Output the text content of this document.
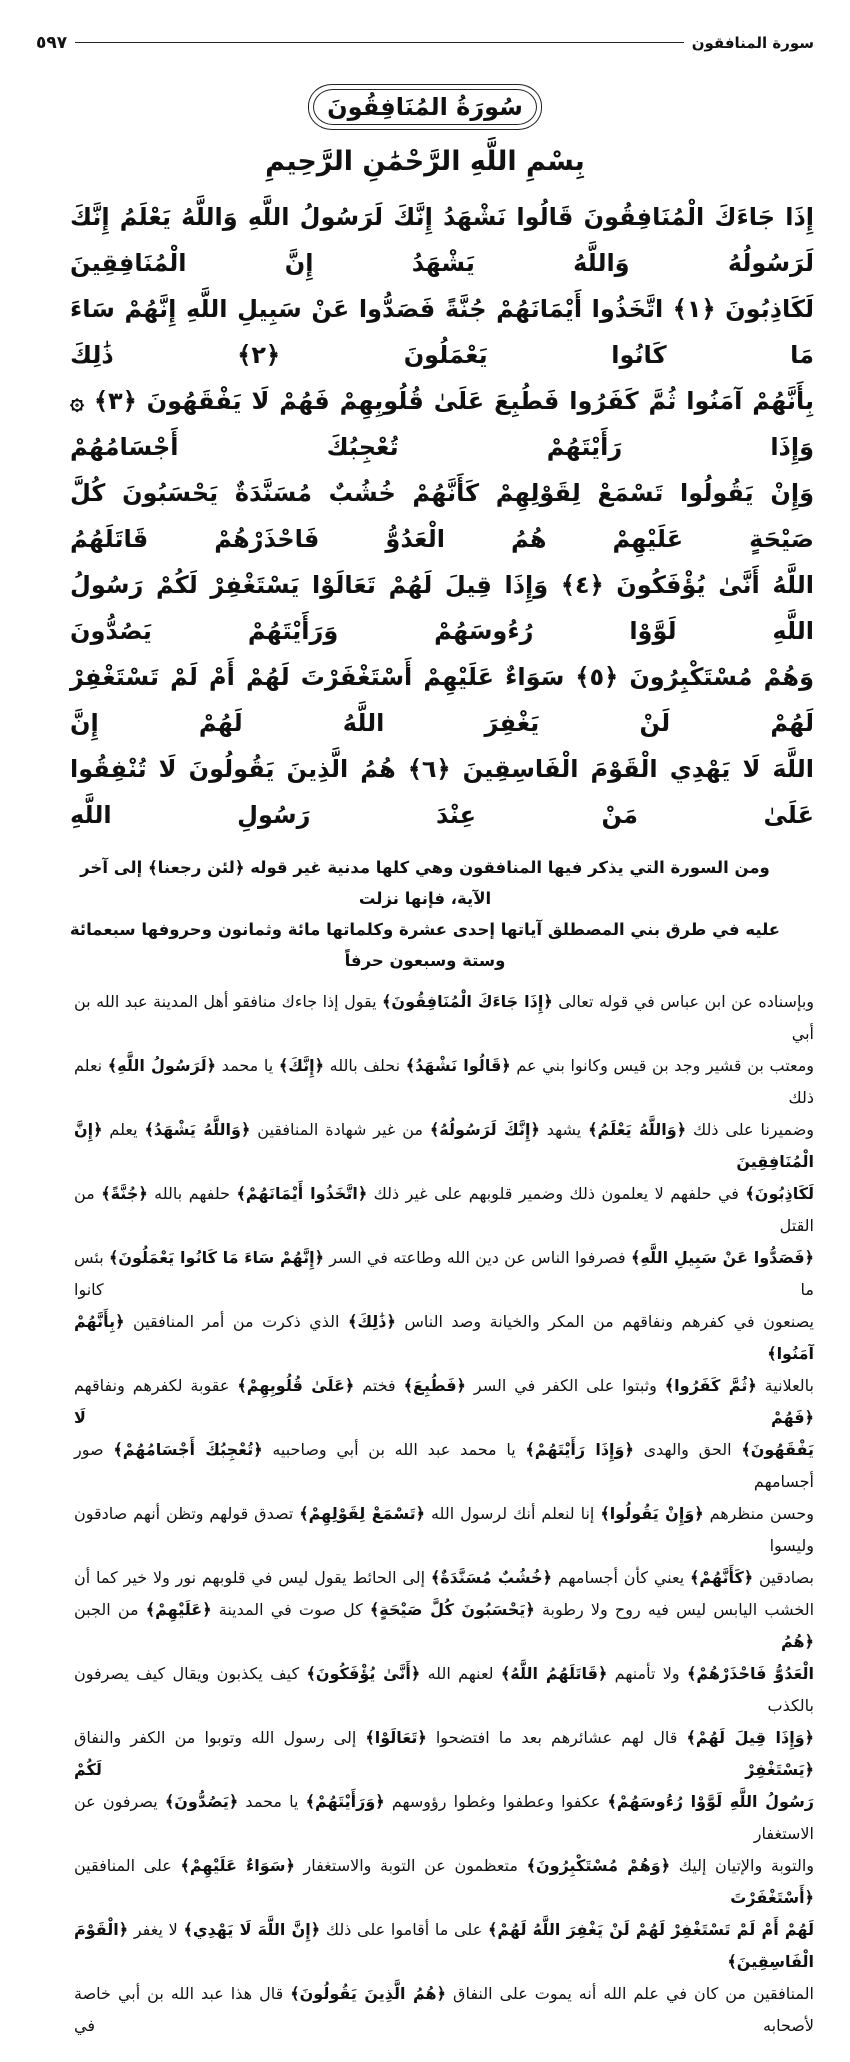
سورة المنافقون
٥٩٧
سُورَةُ المُنَافِقُونَ
بِسْمِ اللَّهِ الرَّحْمَٰنِ الرَّحِيمِ
إِذَا جَاءَكَ الْمُنَافِقُونَ قَالُوا نَشْهَدُ إِنَّكَ لَرَسُولُ اللَّهِ وَاللَّهُ يَعْلَمُ إِنَّكَ لَرَسُولُهُ وَاللَّهُ يَشْهَدُ إِنَّ الْمُنَافِقِينَ
لَكَاذِبُونَ ﴿١﴾ اتَّخَذُوا أَيْمَانَهُمْ جُنَّةً فَصَدُّوا عَنْ سَبِيلِ اللَّهِ إِنَّهُمْ سَاءَ مَا كَانُوا يَعْمَلُونَ ﴿٢﴾ ذَٰلِكَ
بِأَنَّهُمْ آمَنُوا ثُمَّ كَفَرُوا فَطُبِعَ عَلَىٰ قُلُوبِهِمْ فَهُمْ لَا يَفْقَهُونَ ﴿٣﴾ ۞ وَإِذَا رَأَيْتَهُمْ تُعْجِبُكَ أَجْسَامُهُمْ
وَإِنْ يَقُولُوا تَسْمَعْ لِقَوْلِهِمْ كَأَنَّهُمْ خُشُبٌ مُسَنَّدَةٌ يَحْسَبُونَ كُلَّ صَيْحَةٍ عَلَيْهِمْ هُمُ الْعَدُوُّ فَاحْذَرْهُمْ قَاتَلَهُمُ
اللَّهُ أَنَّىٰ يُؤْفَكُونَ ﴿٤﴾ وَإِذَا قِيلَ لَهُمْ تَعَالَوْا يَسْتَغْفِرْ لَكُمْ رَسُولُ اللَّهِ لَوَّوْا رُءُوسَهُمْ وَرَأَيْتَهُمْ يَصُدُّونَ
وَهُمْ مُسْتَكْبِرُونَ ﴿٥﴾ سَوَاءٌ عَلَيْهِمْ أَسْتَغْفَرْتَ لَهُمْ أَمْ لَمْ تَسْتَغْفِرْ لَهُمْ لَنْ يَغْفِرَ اللَّهُ لَهُمْ إِنَّ
اللَّهَ لَا يَهْدِي الْقَوْمَ الْفَاسِقِينَ ﴿٦﴾ هُمُ الَّذِينَ يَقُولُونَ لَا تُنْفِقُوا عَلَىٰ مَنْ عِنْدَ رَسُولِ اللَّهِ
ومن السورة التي يذكر فيها المنافقون وهي كلها مدنية غير قوله ﴿لئن رجعنا﴾ إلى آخر الآية، فإنها نزلت
عليه في طرق بني المصطلق آياتها إحدى عشرة وكلماتها مائة وثمانون وحروفها سبعمائة وستة وسبعون حرفاً
وبإسناده عن ابن عباس في قوله تعالى ﴿إِذَا جَاءَكَ الْمُنَافِقُونَ﴾ يقول إذا جاءك منافقو أهل المدينة عبد الله بن أبي
ومعتب بن قشير وجد بن قيس وكانوا بني عم ﴿قَالُوا نَشْهَدُ﴾ نحلف بالله ﴿إِنَّكَ﴾ يا محمد ﴿لَرَسُولُ اللَّهِ﴾ نعلم ذلك
وضميرنا على ذلك ﴿وَاللَّهُ يَعْلَمُ﴾ يشهد ﴿إِنَّكَ لَرَسُولُهُ﴾ من غير شهادة المنافقين ﴿وَاللَّهُ يَشْهَدُ﴾ يعلم ﴿إِنَّ الْمُنَافِقِينَ
لَكَاذِبُونَ﴾ في حلفهم لا يعلمون ذلك وضمير قلوبهم على غير ذلك ﴿اتَّخَذُوا أَيْمَانَهُمْ﴾ حلفهم بالله ﴿جُنَّةً﴾ من القتل
﴿فَصَدُّوا عَنْ سَبِيلِ اللَّهِ﴾ فصرفوا الناس عن دين الله وطاعته في السر ﴿إِنَّهُمْ سَاءَ مَا كَانُوا يَعْمَلُونَ﴾ بئس ما كانوا
يصنعون في كفرهم ونفاقهم من المكر والخيانة وصد الناس ﴿ذَٰلِكَ﴾ الذي ذكرت من أمر المنافقين ﴿بِأَنَّهُمْ آمَنُوا﴾
بالعلانية ﴿ثُمَّ كَفَرُوا﴾ وثبتوا على الكفر في السر ﴿فَطُبِعَ﴾ فختم ﴿عَلَىٰ قُلُوبِهِمْ﴾ عقوبة لكفرهم ونفاقهم ﴿فَهُمْ لَا
يَفْقَهُونَ﴾ الحق والهدى ﴿وَإِذَا رَأَيْتَهُمْ﴾ يا محمد عبد الله بن أبي وصاحبيه ﴿تُعْجِبُكَ أَجْسَامُهُمْ﴾ صور أجسامهم
وحسن منظرهم ﴿وَإِنْ يَقُولُوا﴾ إنا لنعلم أنك لرسول الله ﴿تَسْمَعْ لِقَوْلِهِمْ﴾ تصدق قولهم وتظن أنهم صادقون وليسوا
بصادقين ﴿كَأَنَّهُمْ﴾ يعني كأن أجسامهم ﴿خُشُبٌ مُسَنَّدَةٌ﴾ إلى الحائط يقول ليس في قلوبهم نور ولا خير كما أن
الخشب اليابس ليس فيه روح ولا رطوبة ﴿يَحْسَبُونَ كُلَّ صَيْحَةٍ﴾ كل صوت في المدينة ﴿عَلَيْهِمْ﴾ من الجبن ﴿هُمُ
الْعَدُوُّ فَاحْذَرْهُمْ﴾ ولا تأمنهم ﴿قَاتَلَهُمُ اللَّهُ﴾ لعنهم الله ﴿أَنَّىٰ يُؤْفَكُونَ﴾ كيف يكذبون ويقال كيف يصرفون بالكذب
﴿وَإِذَا قِيلَ لَهُمْ﴾ قال لهم عشائرهم بعد ما افتضحوا ﴿تَعَالَوْا﴾ إلى رسول الله وتوبوا من الكفر والنفاق ﴿يَسْتَغْفِرْ لَكُمْ
رَسُولُ اللَّهِ لَوَّوْا رُءُوسَهُمْ﴾ عكفوا وعطفوا وغطوا رؤوسهم ﴿وَرَأَيْتَهُمْ﴾ يا محمد ﴿يَصُدُّونَ﴾ يصرفون عن الاستغفار
والتوبة والإتيان إليك ﴿وَهُمْ مُسْتَكْبِرُونَ﴾ متعظمون عن التوبة والاستغفار ﴿سَوَاءٌ عَلَيْهِمْ﴾ على المنافقين ﴿أَسْتَغْفَرْتَ
لَهُمْ أَمْ لَمْ تَسْتَغْفِرْ لَهُمْ لَنْ يَغْفِرَ اللَّهُ لَهُمْ﴾ على ما أقاموا على ذلك ﴿إِنَّ اللَّهَ لَا يَهْدِي﴾ لا يغفر ﴿الْقَوْمَ الْفَاسِقِينَ﴾
المنافقين من كان في علم الله أنه يموت على النفاق ﴿هُمُ الَّذِينَ يَقُولُونَ﴾ قال هذا عبد الله بن أبي خاصة لأصحابه في
